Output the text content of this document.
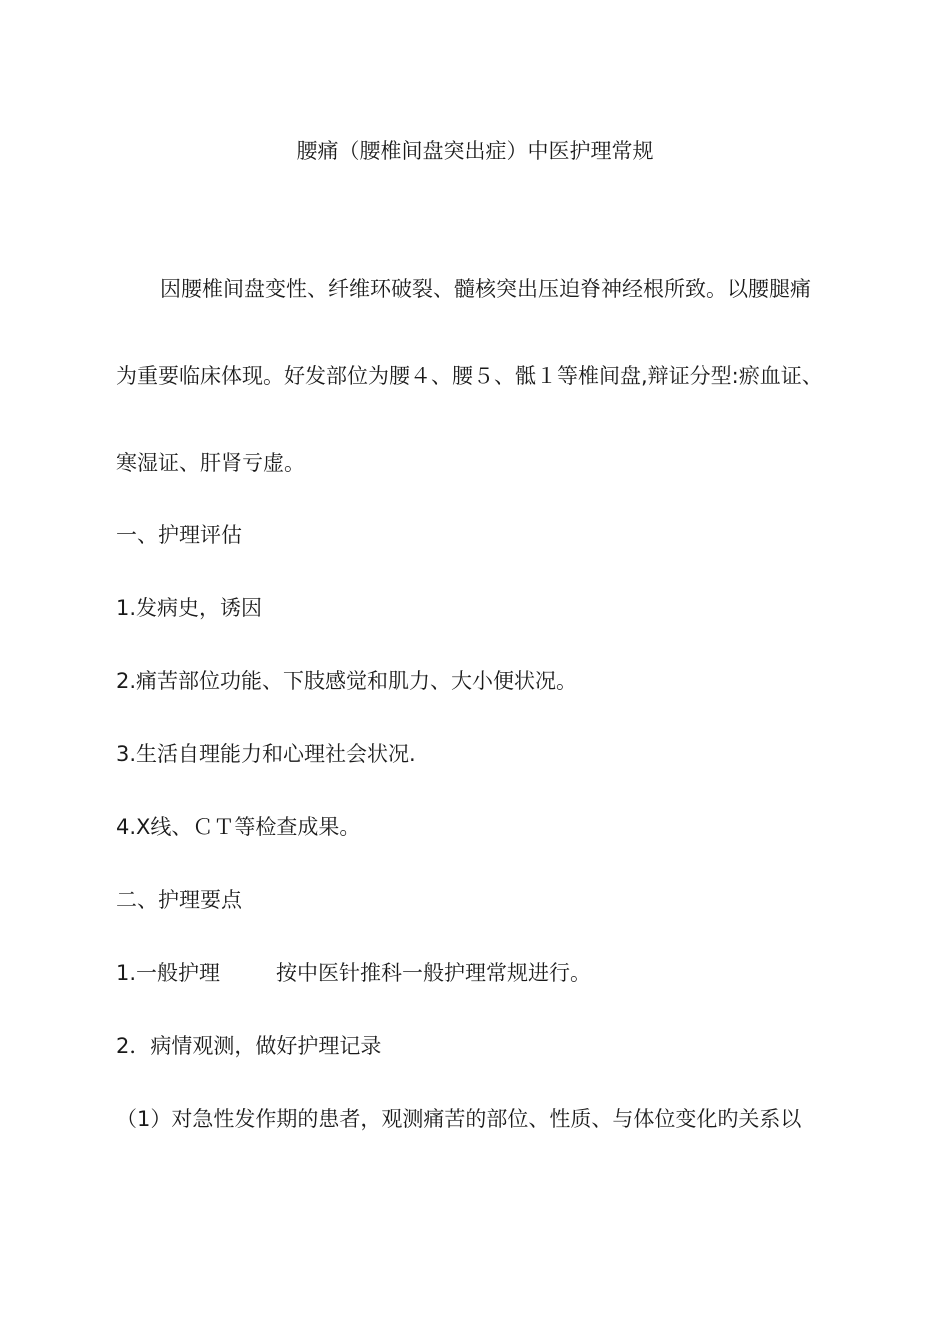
腰痛（腰椎间盘突出症）中医护理常规
因腰椎间盘变性、纤维环破裂、髓核突出压迫脊神经根所致。以腰腿痛
为重要临床体现。好发部位为腰４、腰５、骶１等椎间盘,辩证分型:瘀血证、
寒湿证、肝肾亏虚。
一、护理评估
1.发病史，诱因
2.痛苦部位功能、下肢感觉和肌力、大小便状况。
3.生活自理能力和心理社会状况.
4.X线、ＣＴ等检查成果。
二、护理要点
1.一般护理	按中医针推科一般护理常规进行。
2．病情观测，做好护理记录
（1）对急性发作期的患者，观测痛苦的部位、性质、与体位变化旳关系以
